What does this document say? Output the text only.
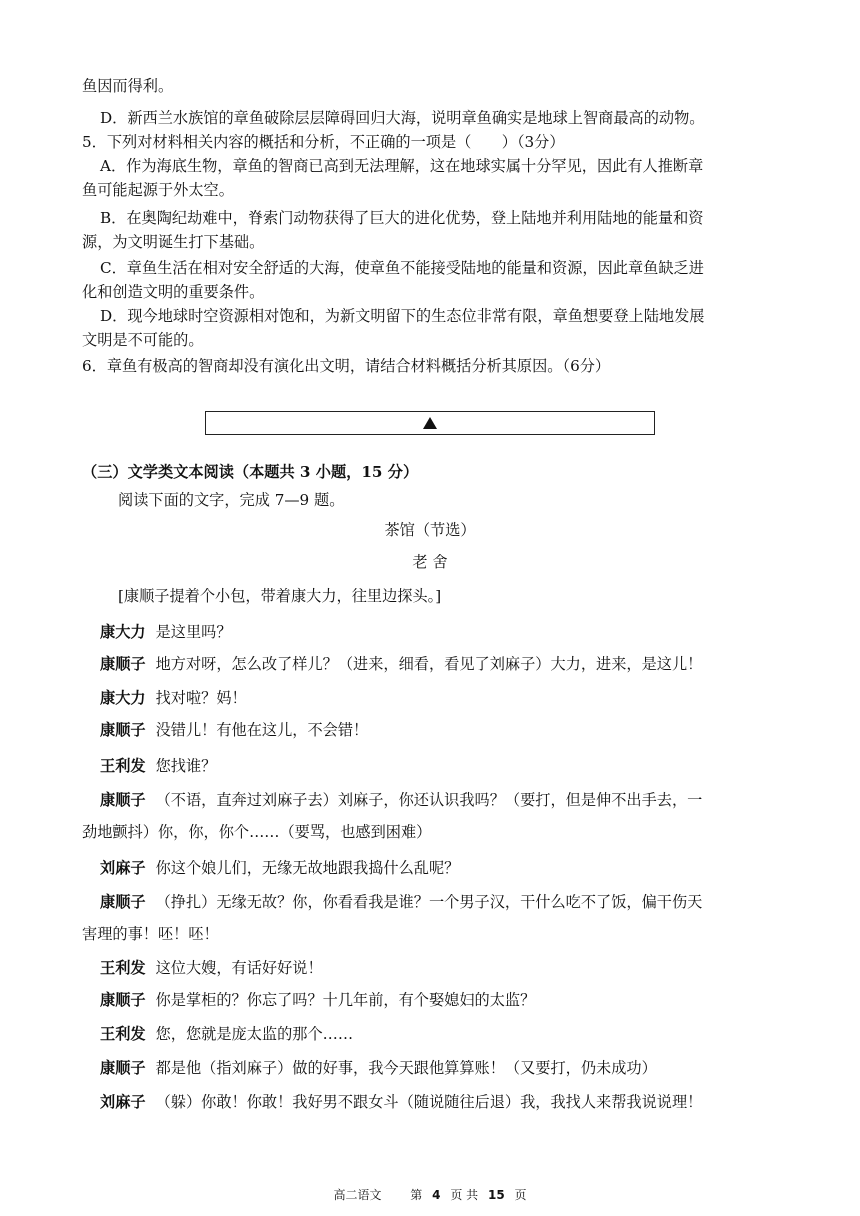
鱼因而得利。
D．新西兰水族馆的章鱼破除层层障碍回归大海，说明章鱼确实是地球上智商最高的动物。
5．下列对材料相关内容的概括和分析，不正确的一项是（　　）（3分）
A．作为海底生物，章鱼的智商已高到无法理解，这在地球实属十分罕见，因此有人推断章
鱼可能起源于外太空。
B．在奥陶纪劫难中，脊索门动物获得了巨大的进化优势，登上陆地并利用陆地的能量和资
源，为文明诞生打下基础。
C．章鱼生活在相对安全舒适的大海，使章鱼不能接受陆地的能量和资源，因此章鱼缺乏进
化和创造文明的重要条件。
D．现今地球时空资源相对饱和，为新文明留下的生态位非常有限，章鱼想要登上陆地发展
文明是不可能的。
6．章鱼有极高的智商却没有演化出文明，请结合材料概括分析其原因。（6分）
（三）文学类文本阅读（本题共 3 小题，15 分）
阅读下面的文字，完成 7—9 题。
茶馆（节选）
老 舍
[康顺子提着个小包，带着康大力，往里边探头。]
康大力 是这里吗？
康顺子 地方对呀，怎么改了样儿？（进来，细看，看见了刘麻子）大力，进来，是这儿！
康大力 找对啦？妈！
康顺子 没错儿！有他在这儿，不会错！
王利发 您找谁？
康顺子 （不语，直奔过刘麻子去）刘麻子，你还认识我吗？（要打，但是伸不出手去，一
劲地颤抖）你，你，你个……（要骂，也感到困难）
刘麻子 你这个娘儿们，无缘无故地跟我捣什么乱呢？
康顺子 （挣扎）无缘无故？你，你看看我是谁？一个男子汉，干什么吃不了饭，偏干伤天
害理的事！呸！呸！
王利发 这位大嫂，有话好好说！
康顺子 你是掌柜的？你忘了吗？十几年前，有个娶媳妇的太监？
王利发 您，您就是庞太监的那个……
康顺子 都是他（指刘麻子）做的好事，我今天跟他算算账！（又要打，仍未成功）
刘麻子 （躲）你敢！你敢！我好男不跟女斗（随说随往后退）我，我找人来帮我说说理！
高二语文 第 4 页 共 15 页
